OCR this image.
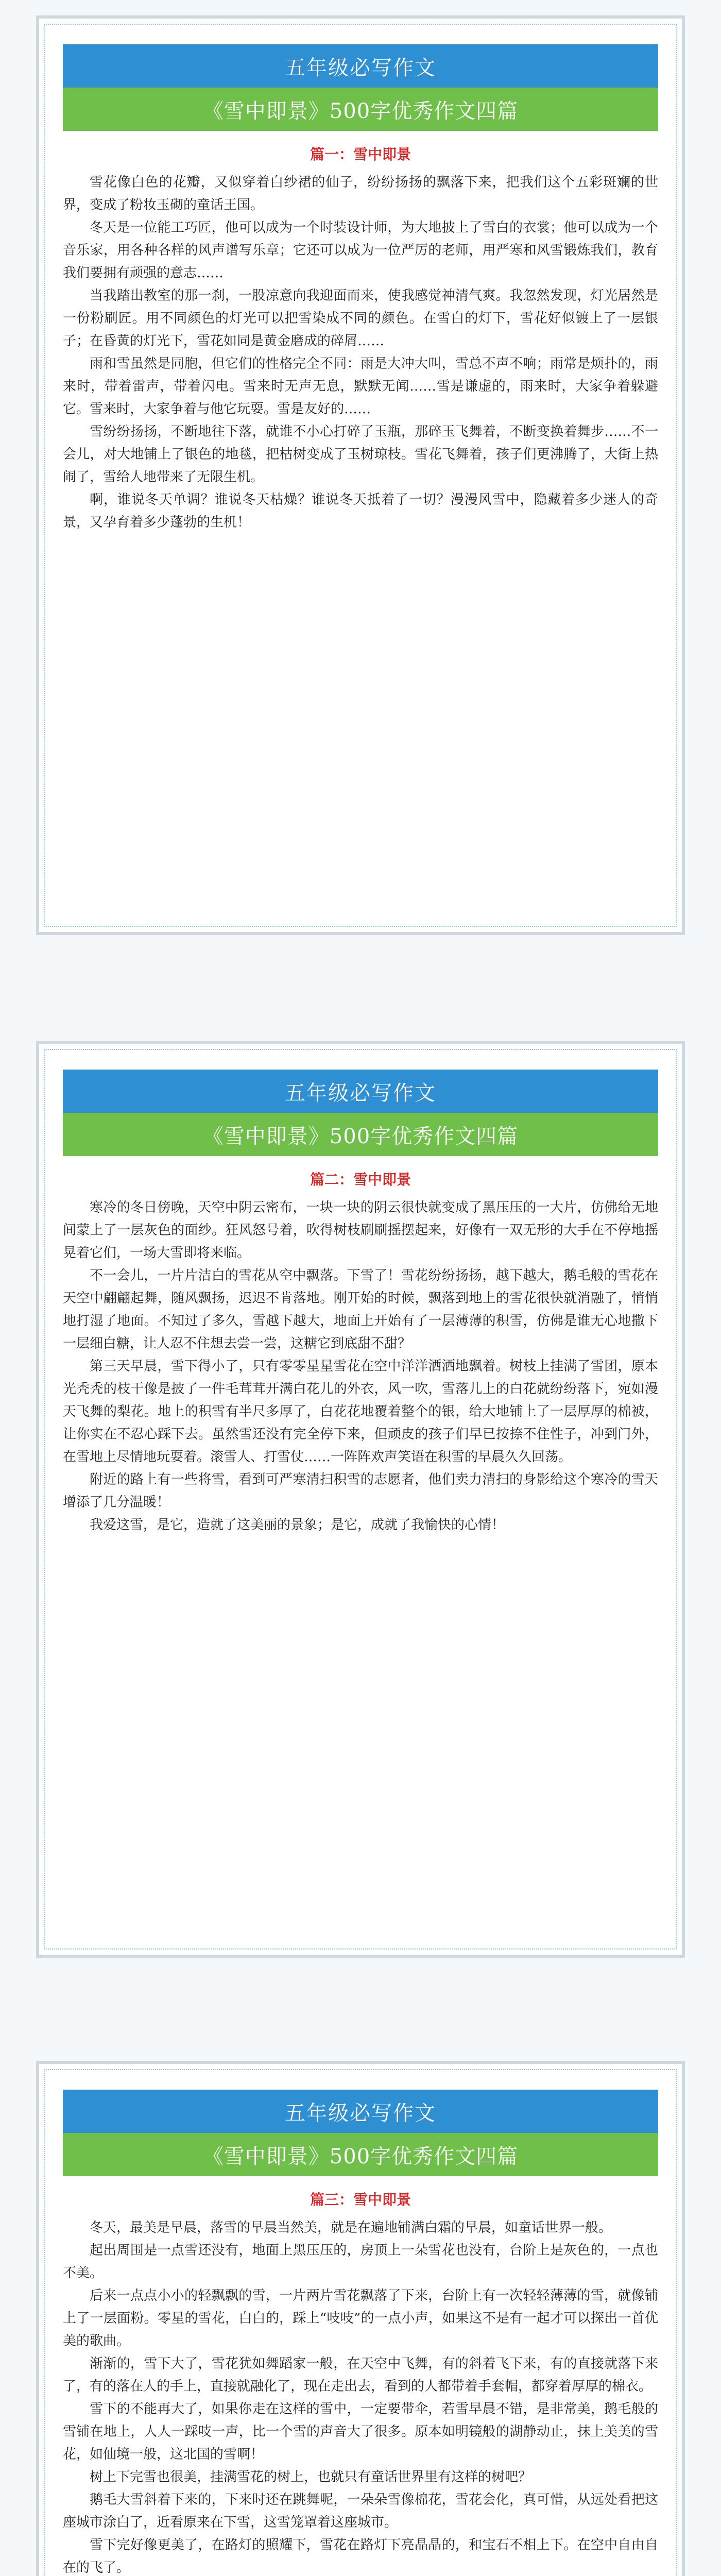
五年级必写作文
《雪中即景》500字优秀作文四篇
篇一：雪中即景

雪花像白色的花瓣，又似穿着白纱裙的仙子，纷纷扬扬的飘落下来，把我们这个五彩斑斓的世界，变成了粉妆玉砌的童话王国。

冬天是一位能工巧匠，他可以成为一个时装设计师，为大地披上了雪白的衣裳；他可以成为一个音乐家，用各种各样的风声谱写乐章；它还可以成为一位严厉的老师，用严寒和风雪锻炼我们，教育我们要拥有顽强的意志……

当我踏出教室的那一刹，一股凉意向我迎面而来，使我感觉神清气爽。我忽然发现，灯光居然是一份粉刷匠。用不同颜色的灯光可以把雪染成不同的颜色。在雪白的灯下，雪花好似镀上了一层银子；在昏黄的灯光下，雪花如同是黄金磨成的碎屑……

雨和雪虽然是同胞，但它们的性格完全不同：雨是大冲大叫，雪总不声不响；雨常是烦扑的，雨来时，带着雷声，带着闪电。雪来时无声无息，默默无闻……雪是谦虚的，雨来时，大家争着躲避它。雪来时，大家争着与他它玩耍。雪是友好的……

雪纷纷扬扬，不断地往下落，就谁不小心打碎了玉瓶，那碎玉飞舞着，不断变换着舞步……不一会儿，对大地铺上了银色的地毯，把枯树变成了玉树琼枝。雪花飞舞着，孩子们更沸腾了，大街上热闹了，雪给人地带来了无限生机。

啊，谁说冬天单调？谁说冬天枯燥？谁说冬天抵着了一切？漫漫风雪中，隐藏着多少迷人的奇景，又孕育着多少蓬勃的生机！

五年级必写作文
《雪中即景》500字优秀作文四篇
篇二：雪中即景

寒冷的冬日傍晚，天空中阴云密布，一块一块的阴云很快就变成了黑压压的一大片，仿佛给无地间蒙上了一层灰色的面纱。狂风怒号着，吹得树枝刷刷摇摆起来，好像有一双无形的大手在不停地摇晃着它们，一场大雪即将来临。

不一会儿，一片片洁白的雪花从空中飘落。下雪了！雪花纷纷扬扬，越下越大，鹅毛般的雪花在天空中翩翩起舞，随风飘扬，迟迟不肯落地。刚开始的时候，飘落到地上的雪花很快就消融了，悄悄地打湿了地面。不知过了多久，雪越下越大，地面上开始有了一层薄薄的积雪，仿佛是谁无心地撒下一层细白糖，让人忍不住想去尝一尝，这糖它到底甜不甜？

第三天早晨，雪下得小了，只有零零星星雪花在空中洋洋洒洒地飘着。树枝上挂满了雪团，原本光秃秃的枝干像是披了一件毛茸茸开满白花儿的外衣，风一吹，雪落儿上的白花就纷纷落下，宛如漫天飞舞的梨花。地上的积雪有半尺多厚了，白花花地覆着整个的银，给大地铺上了一层厚厚的棉被，让你实在不忍心踩下去。虽然雪还没有完全停下来，但顽皮的孩子们早已按捺不住性子，冲到门外，在雪地上尽情地玩耍着。滚雪人、打雪仗……一阵阵欢声笑语在积雪的早晨久久回荡。

附近的路上有一些将雪，看到可严寒清扫积雪的志愿者，他们卖力清扫的身影给这个寒冷的雪天增添了几分温暖！

我爱这雪，是它，造就了这美丽的景象；是它，成就了我愉快的心情！

五年级必写作文
《雪中即景》500字优秀作文四篇
篇三：雪中即景

冬天，最美是早晨，落雪的早晨当然美，就是在遍地铺满白霜的早晨，如童话世界一般。

起出周围是一点雪还没有，地面上黑压压的，房顶上一朵雪花也没有，台阶上是灰色的，一点也不美。

后来一点点小小的轻飘飘的雪，一片两片雪花飘落了下来，台阶上有一次轻轻薄薄的雪，就像铺上了一层面粉。零星的雪花，白白的，踩上“吱吱”的一点小声，如果这不是有一起才可以探出一首优美的歌曲。

渐渐的，雪下大了，雪花犹如舞蹈家一般，在天空中飞舞，有的斜着飞下来，有的直接就落下来了，有的落在人的手上，直接就融化了，现在走出去，看到的人都带着手套帽，都穿着厚厚的棉衣。

雪下的不能再大了，如果你走在这样的雪中，一定要带伞，若雪早晨不错，是非常美，鹅毛般的雪铺在地上，人人一踩吱一声，比一个雪的声音大了很多。原本如明镜般的湖静动止，抹上美美的雪花，如仙境一般，这北国的雪啊！

树上下完雪也很美，挂满雪花的树上，也就只有童话世界里有这样的树吧？

鹅毛大雪斜着下来的，下来时还在跳舞呢，一朵朵雪像棉花，雪花会化，真可惜，从远处看把这座城市涂白了，近看原来在下雪，这雪笼罩着这座城市。

雪下完好像更美了，在路灯的照耀下，雪花在路灯下亮晶晶的，和宝石不相上下。在空中自由自在的飞了。
